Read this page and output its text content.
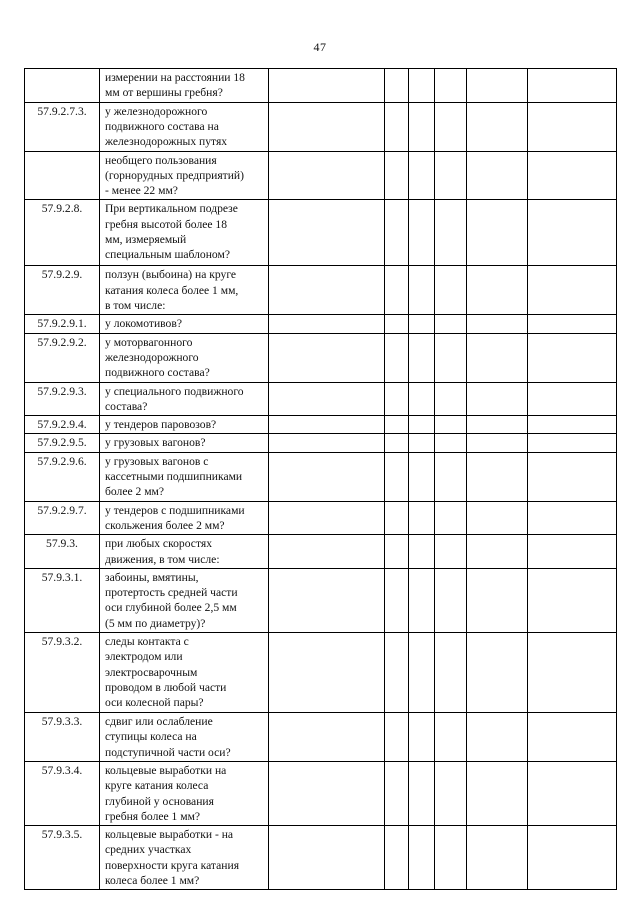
47
	измерении на расстоянии 18
мм от вершины гребня?						
57.9.2.7.3.	у железнодорожного
подвижного состава на
железнодорожных путях						
	необщего пользования
(горнорудных предприятий)
- менее 22 мм?						
57.9.2.8.	При вертикальном подрезе
гребня высотой более 18
мм, измеряемый
специальным шаблоном?						
57.9.2.9.	ползун (выбоина) на круге
катания колеса более 1 мм,
в том числе:						
57.9.2.9.1.	у локомотивов?						
57.9.2.9.2.	у моторвагонного
железнодорожного
подвижного состава?						
57.9.2.9.3.	у специального подвижного
состава?						
57.9.2.9.4.	у тендеров паровозов?						
57.9.2.9.5.	у грузовых вагонов?						
57.9.2.9.6.	у грузовых вагонов с
кассетными подшипниками
более 2 мм?						
57.9.2.9.7.	у тендеров с подшипниками
скольжения более 2 мм?						
57.9.3.	при любых скоростях
движения, в том числе:						
57.9.3.1.	забоины, вмятины,
протертость средней части
оси глубиной более 2,5 мм
(5 мм по диаметру)?						
57.9.3.2.	следы контакта с
электродом или
электросварочным
проводом в любой части
оси колесной пары?						
57.9.3.3.	сдвиг или ослабление
ступицы колеса на
подступичной части оси?						
57.9.3.4.	кольцевые выработки на
круге катания колеса
глубиной у основания
гребня более 1 мм?						
57.9.3.5.	кольцевые выработки - на
средних участках
поверхности круга катания
колеса более 1 мм?						
